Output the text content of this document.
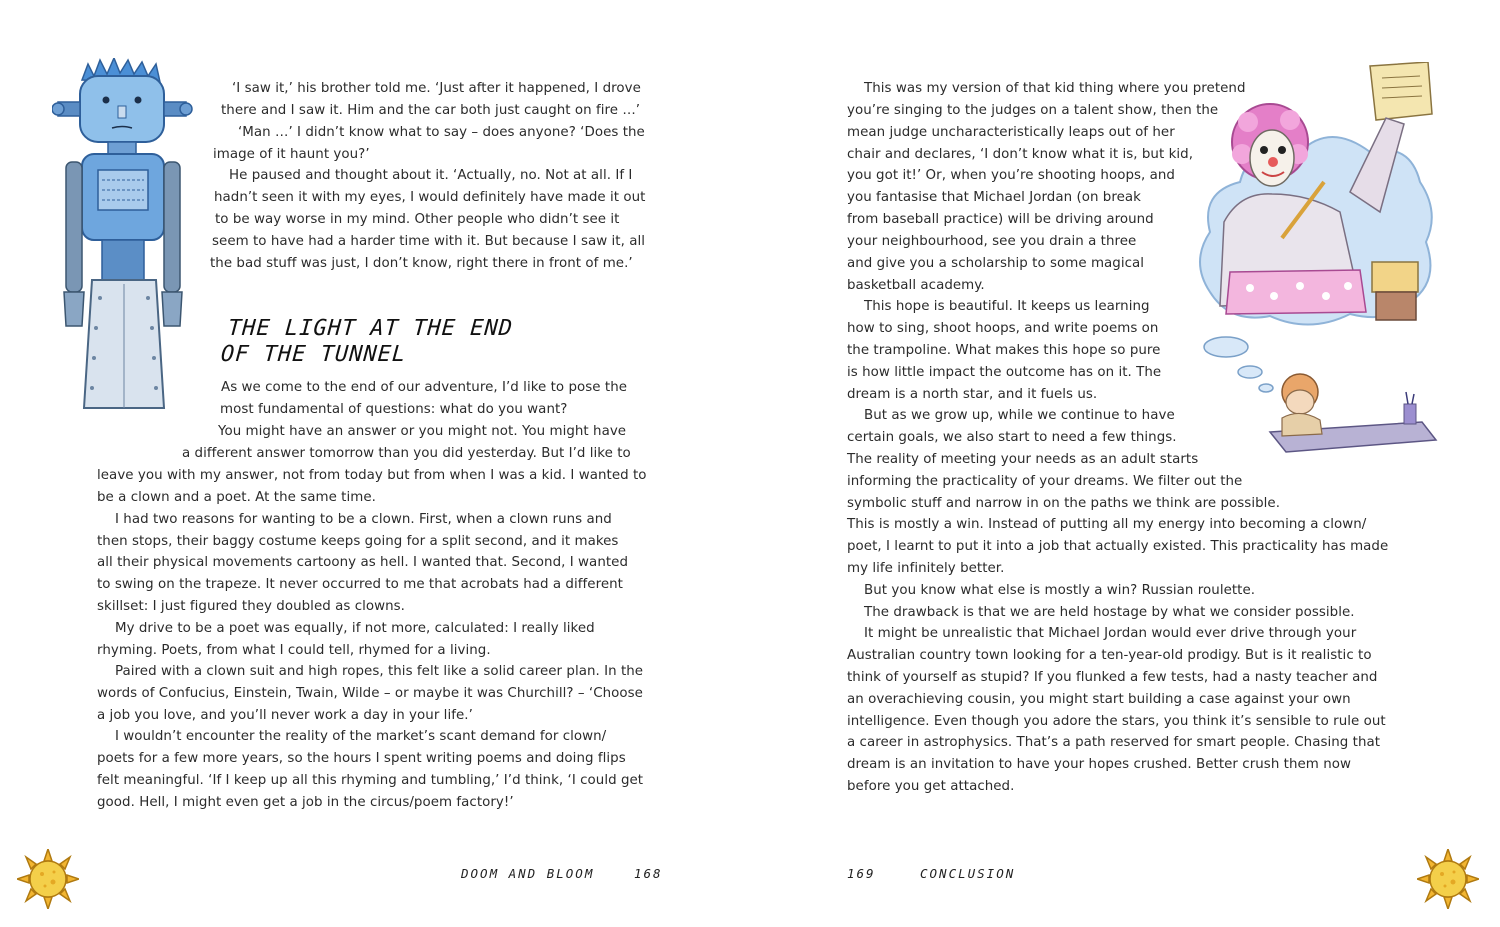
‘I saw it,’ his brother told me. ‘Just after it happened, I drove
there and I saw it. Him and the car both just caught on fire …’
‘Man …’ I didn’t know what to say – does anyone? ‘Does the
image of it haunt you?’
He paused and thought about it. ‘Actually, no. Not at all. If I
hadn’t seen it with my eyes, I would definitely have made it out
to be way worse in my mind. Other people who didn’t see it
seem to have had a harder time with it. But because I saw it, all
the bad stuff was just, I don’t know, right there in front of me.’
THE LIGHT AT THE END
OF THE TUNNEL
As we come to the end of our adventure, I’d like to pose the
most fundamental of questions: what do you want?
You might have an answer or you might not. You might have
a different answer tomorrow than you did yesterday. But I’d like to
leave you with my answer, not from today but from when I was a kid. I wanted to
be a clown and a poet. At the same time.
I had two reasons for wanting to be a clown. First, when a clown runs and
then stops, their baggy costume keeps going for a split second, and it makes
all their physical movements cartoony as hell. I wanted that. Second, I wanted
to swing on the trapeze. It never occurred to me that acrobats had a different
skillset: I just figured they doubled as clowns.
My drive to be a poet was equally, if not more, calculated: I really liked
rhyming. Poets, from what I could tell, rhymed for a living.
Paired with a clown suit and high ropes, this felt like a solid career plan. In the
words of Confucius, Einstein, Twain, Wilde – or maybe it was Churchill? – ‘Choose
a job you love, and you’ll never work a day in your life.’
I wouldn’t encounter the reality of the market’s scant demand for clown/
poets for a few more years, so the hours I spent writing poems and doing flips
felt meaningful. ‘If I keep up all this rhyming and tumbling,’ I’d think, ‘I could get
good. Hell, I might even get a job in the circus/poem factory!’
DOOM AND BLOOM	168
This was my version of that kid thing where you pretend
you’re singing to the judges on a talent show, then the
mean judge uncharacteristically leaps out of her
chair and declares, ‘I don’t know what it is, but kid,
you got it!’ Or, when you’re shooting hoops, and
you fantasise that Michael Jordan (on break
from baseball practice) will be driving around
your neighbourhood, see you drain a three
and give you a scholarship to some magical
basketball academy.
This hope is beautiful. It keeps us learning
how to sing, shoot hoops, and write poems on
the trampoline. What makes this hope so pure
is how little impact the outcome has on it. The
dream is a north star, and it fuels us.
But as we grow up, while we continue to have
certain goals, we also start to need a few things.
The reality of meeting your needs as an adult starts
informing the practicality of your dreams. We filter out the
symbolic stuff and narrow in on the paths we think are possible.
This is mostly a win. Instead of putting all my energy into becoming a clown/
poet, I learnt to put it into a job that actually existed. This practicality has made
my life infinitely better.
But you know what else is mostly a win? Russian roulette.
The drawback is that we are held hostage by what we consider possible.
It might be unrealistic that Michael Jordan would ever drive through your
Australian country town looking for a ten-year-old prodigy. But is it realistic to
think of yourself as stupid? If you flunked a few tests, had a nasty teacher and
an overachieving cousin, you might start building a case against your own
intelligence. Even though you adore the stars, you think it’s sensible to rule out
a career in astrophysics. That’s a path reserved for smart people. Chasing that
dream is an invitation to have your hopes crushed. Better crush them now
before you get attached.
169	CONCLUSION
